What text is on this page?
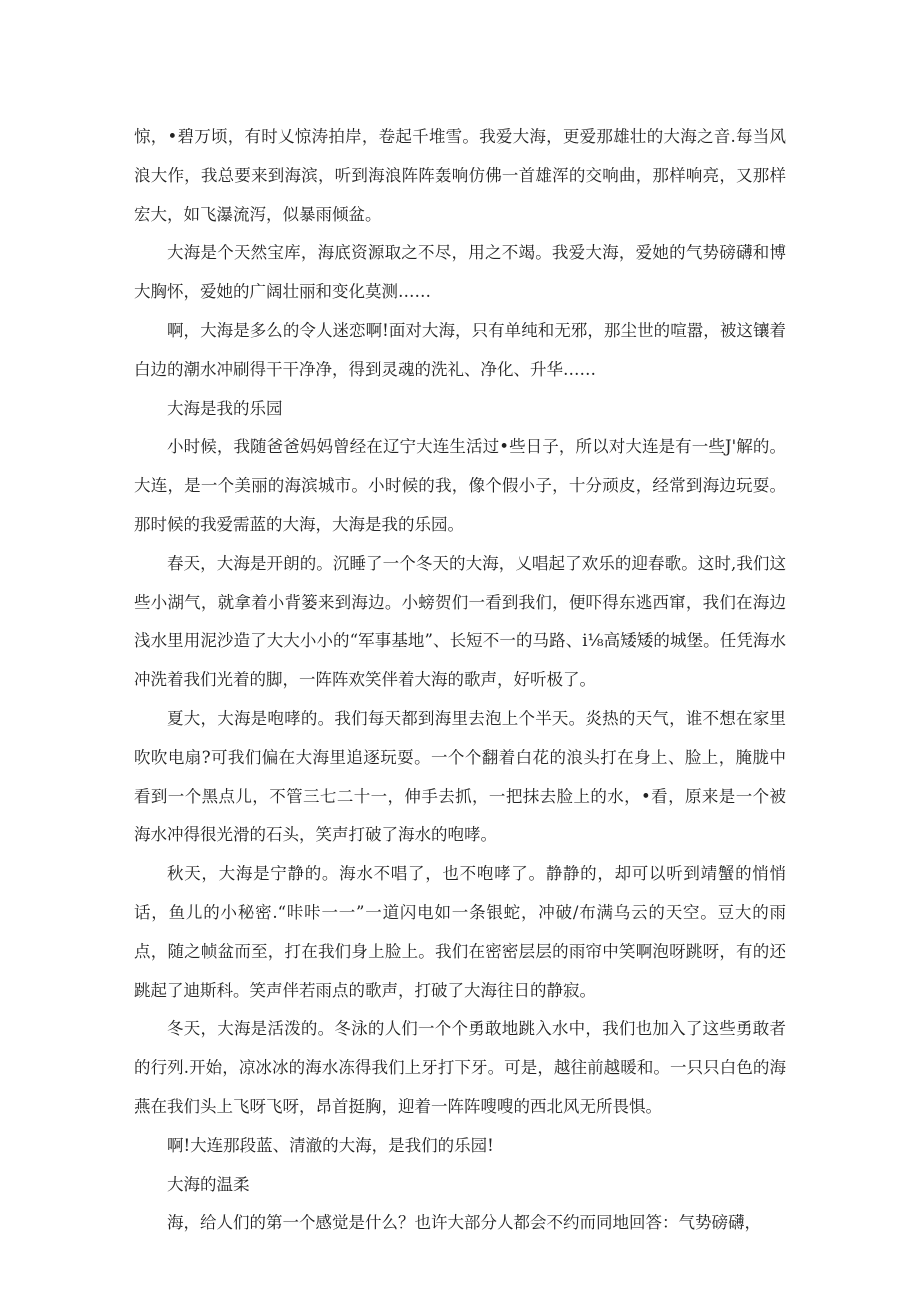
惊，•碧万顷，有时乂惊涛拍岸，卷起千堆雪。我爱大海，更爱那雄壮的大海之音.每当风浪大作，我总要来到海滨，听到海浪阵阵轰响仿佛一首雄浑的交响曲，那样响亮，又那样宏大，如飞瀑流泻，似暴雨倾盆。

大海是个天然宝库，海底资源取之不尽，用之不竭。我爱大海，爱她的气势磅礴和博大胸怀，爱她的广阔壮丽和变化莫测……

啊，大海是多么的令人迷恋啊!面对大海，只有单纯和无邪，那尘世的喧嚣，被这镶着白边的潮水冲刷得干干净净，得到灵魂的洗礼、净化、升华……

大海是我的乐园

小时候，我随爸爸妈妈曾经在辽宁大连生活过•些日子，所以对大连是有一些J'解的。大连，是一个美丽的海滨城市。小时候的我，像个假小子，十分顽皮，经常到海边玩耍。那时候的我爱需蓝的大海，大海是我的乐园。

春天，大海是开朗的。沉睡了一个冬天的大海，乂唱起了欢乐的迎春歌。这时,我们这些小湖气，就拿着小背篓来到海边。小螃贺们一看到我们，便吓得东逃西窜，我们在海边浅水里用泥沙造了大大小小的“军事基地”、长短不一的马路、i⅛高矮矮的城堡。任凭海水冲洗着我们光着的脚，一阵阵欢笑伴着大海的歌声，好听极了。

夏大，大海是咆哮的。我们每天都到海里去泡上个半天。炎热的天气，谁不想在家里吹吹电扇?可我们偏在大海里追逐玩耍。一个个翻着白花的浪头打在身上、脸上，腌胧中看到一个黑点儿，不管三七二十一，伸手去抓，一把抹去脸上的水，•看，原来是一个被海水冲得很光滑的石头，笑声打破了海水的咆哮。

秋天，大海是宁静的。海水不唱了，也不咆哮了。静静的，却可以听到靖蟹的悄悄话，鱼儿的小秘密.“咔咔一一”一道闪电如一条银蛇，冲破/布满乌云的天空。豆大的雨点，随之帧盆而至，打在我们身上脸上。我们在密密层层的雨帘中笑啊泡呀跳呀，有的还跳起了迪斯科。笑声伴若雨点的歌声，打破了大海往日的静寂。

冬天，大海是活泼的。冬泳的人们一个个勇敢地跳入水中，我们也加入了这些勇敢者的行列.开始，凉冰冰的海水冻得我们上牙打下牙。可是，越往前越暖和。一只只白色的海燕在我们头上飞呀飞呀，昂首挺胸，迎着一阵阵嗖嗖的西北风无所畏惧。

啊!大连那段蓝、清澈的大海，是我们的乐园!

大海的温柔

海，给人们的第一个感觉是什么？也许大部分人都会不约而同地回答：气势磅礴，
